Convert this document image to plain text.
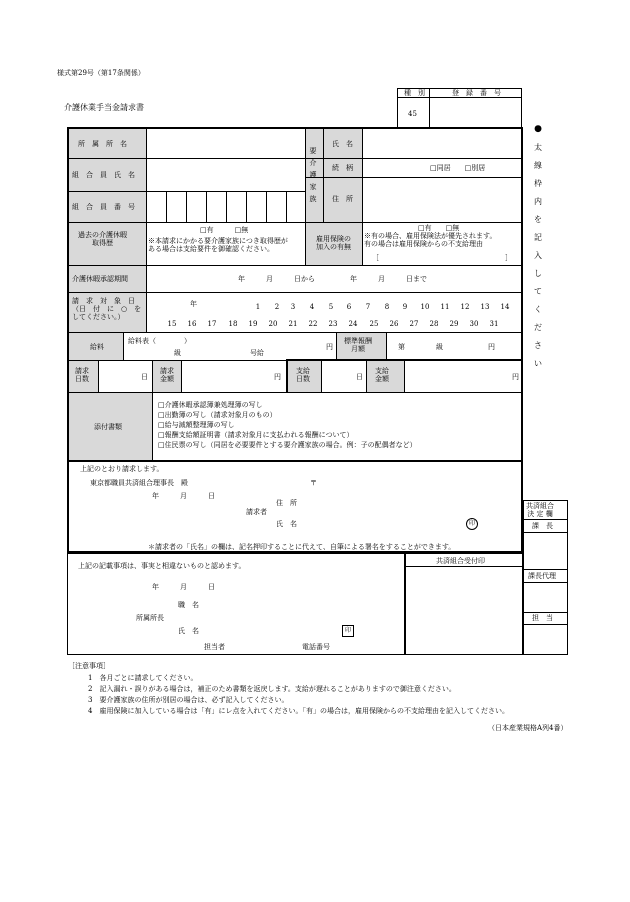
様式第29号（第17条関係）
介護休業手当金請求書
種　別	登　録　番　号
45
●
太
線
枠
内
を
記
入
し
て
く
だ
さ
い
所　属　所　名
組　合　員　氏　名
組　合　員　番　号
要
介
護
家
族
氏　名
続　柄	□同居　　□別居
住　所
過去の介護休暇
取得歴
□有　　　□無
※本請求にかかる要介護家族につき取得歴が
ある場合は支給要件を御確認ください。
雇用保険の
加入の有無
□有　　□無
※有の場合、雇用保険法が優先されます。
有の場合は雇用保険からの不支給理由
［　　　　　　　　　　　　　　　　　　］
介護休暇承認期間	年　　　月　　　日から　　　　　年　　　月　　　日まで
請　求　対　象　日
（日　付　に　○　を
してください。）
年	1	2	3	4	5	6	7	8	9	10	11	12	13	14
15	16	17	18	19	20	21	22	23	24	25	26	27	28	29	30	31
給料
給料表（　　　　）
級	号給
円
標準報酬
月額	第	級	円
請求
日数	日
請求
金額	円
支給
日数	日
支給
金額	円
添付書類
□介護休暇承認簿兼処理簿の写し
□出勤簿の写し（請求対象月のもの）
□給与減額整理簿の写し
□報酬支給額証明書（請求対象月に支払われる報酬について）
□住民票の写し（同居を必要要件とする要介護家族の場合。例：子の配偶者など）
上記のとおり請求します。
東京都職員共済組合理事長　殿	〒
年　　　月　　　日
住　所
請求者
氏　名	印
＊請求者の「氏名」の欄は、記名押印することに代えて、自筆による署名をすることができます。
共済組合受付印
上記の記載事項は、事実と相違ないものと認めます。
年　　　月　　　日
職　名
所属所長
氏　名	印
担当者	電話番号
共済組合
決 定 欄
課　長
課長代理
担　当
［注意事項］
1　各月ごとに請求してください。
2　記入漏れ・誤りがある場合は，補正のため書類を返戻します。支給が遅れることがありますので御注意ください。
3　要介護家族の住所が別居の場合は、必ず記入してください。
4　雇用保険に加入している場合は「有」にレ点を入れてください。「有」の場合は，雇用保険からの不支給理由を記入してください。
（日本産業規格A列4番）
